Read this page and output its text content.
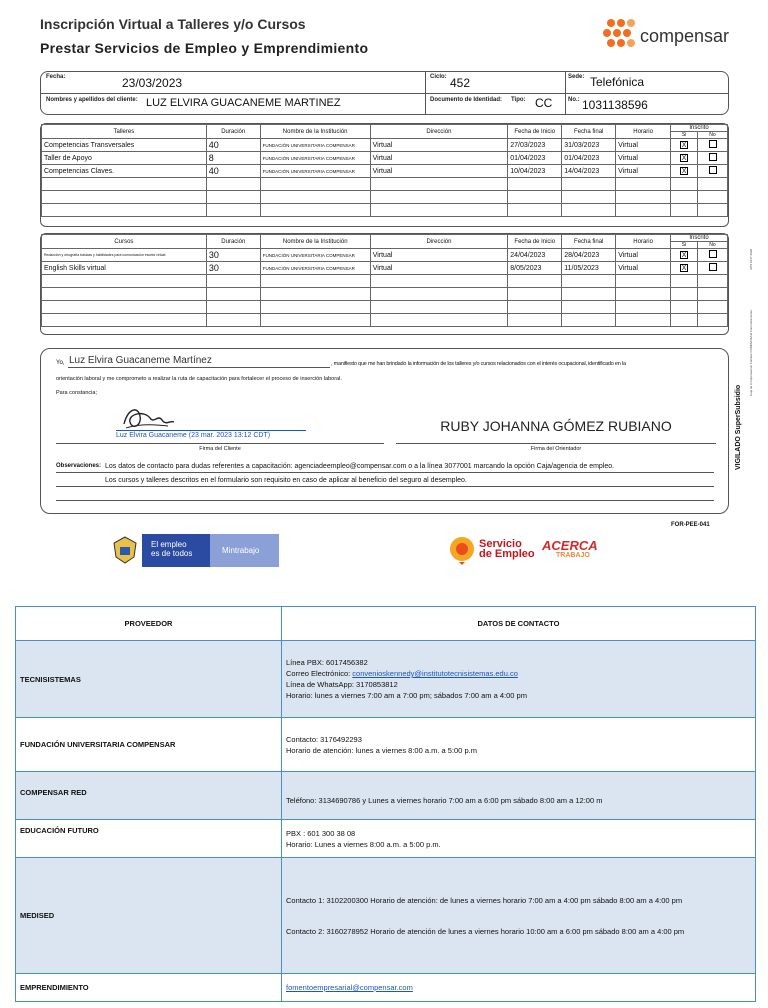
Inscripción Virtual a Talleres y/o Cursos
Prestar Servicios de Empleo y Emprendimiento
compensar
Fecha:	23/03/2023	Ciclo: 452	Sede: Telefónica
Nombres y apellidos del cliente: LUZ ELVIRA GUACANEME MARTINEZ	Documento de Identidad: Tipo: CC	No.: 1031138596
Talleres	Duración	Nombre de la Institución	Dirección	Fecha de Inicio	Fecha final	Horario	Inscrito	
							Si	No
Competencias Transversales	40	FUNDACIÓN UNIVERSITARIA COMPENSAR	Virtual	27/03/2023	31/03/2023	Virtual	X	
Taller de Apoyo	8	FUNDACIÓN UNIVERSITARIA COMPENSAR	Virtual	01/04/2023	01/04/2023	Virtual	X	
Competencias Claves.	40	FUNDACIÓN UNIVERSITARIA COMPENSAR	Virtual	10/04/2023	14/04/2023	Virtual	X	

Cursos	Duración	Nombre de la Institución	Dirección	Fecha de Inicio	Fecha final	Horario	Inscrito	
							Si	No
Redacción y ortografía básicas y habilidades para comunicación escrita virtual	30	FUNDACIÓN UNIVERSITARIA COMPENSAR	Virtual	24/04/2023	28/04/2023	Virtual	X	
English Skills virtual	30	FUNDACIÓN UNIVERSITARIA COMPENSAR	Virtual	8/05/2023	11/05/2023	Virtual	X	

Yo, Luz Elvira Guacaneme Martínez	, manifiesto que me han brindado la información de los talleres y/o cursos relacionados con el interés ocupacional, identificado en la
orientación laboral y me comprometo a realizar la ruta de capacitación para fortalecer el proceso de inserción laboral.
Para constancia;
Luz Elvira Guacaneme (23 mar. 2023 13:12 CDT)
Firma del Cliente
RUBY JOHANNA GÓMEZ RUBIANO
Firma del Orientador
Observaciones: Los datos de contacto para dudas referentes a capacitación: agenciadeempleo@compensar.com o a la línea 3077001 marcando la opción Caja/agencia de empleo.
Los cursos y talleres descritos en el formulario son requisito en caso de aplicar al beneficio del seguro al desempleo.
VIGILADO SuperSubsidio
Caja de Compensación Familiar COMPENSAR Comunicaciones
UPS 1037 2020
FOR-PEE-041
El empleo
es de todos	Mintrabajo
Servicio
de Empleo
ACERCA
TRABAJO
PROVEEDOR	DATOS DE CONTACTO
TECNISISTEMAS	Línea PBX: 6017456382
Correo Electrónico: convenioskennedy@institutotecnisistemas.edu.co
Línea de WhatsApp: 3170853812
Horario: lunes a viernes 7:00 am a 7:00 pm; sábados 7:00 am a 4:00 pm

FUNDACIÓN UNIVERSITARIA COMPENSAR	Contacto: 3176492293
Horario de atención: lunes a viernes 8:00 a.m. a 5:00 p.m

COMPENSAR RED	Teléfono: 3134690786 y Lunes a viernes horario 7:00 am a 6:00 pm sábado 8:00 am a 12:00 m
EDUCACIÓN FUTURO	PBX : 601 300 38 08
Horario: Lunes a viernes 8:00 a.m. a 5:00 p.m.

MEDISED	Contacto 1: 3102200300 Horario de atención: de lunes a viernes horario 7:00 am a 4:00 pm sábado 8:00 am a 4:00 pm
Contacto 2: 3160278952 Horario de atención de lunes a viernes horario 10:00 am a 6:00 pm sábado 8:00 am a 4:00 pm

EMPRENDIMIENTO	fomentoempresarial@compensar.com
